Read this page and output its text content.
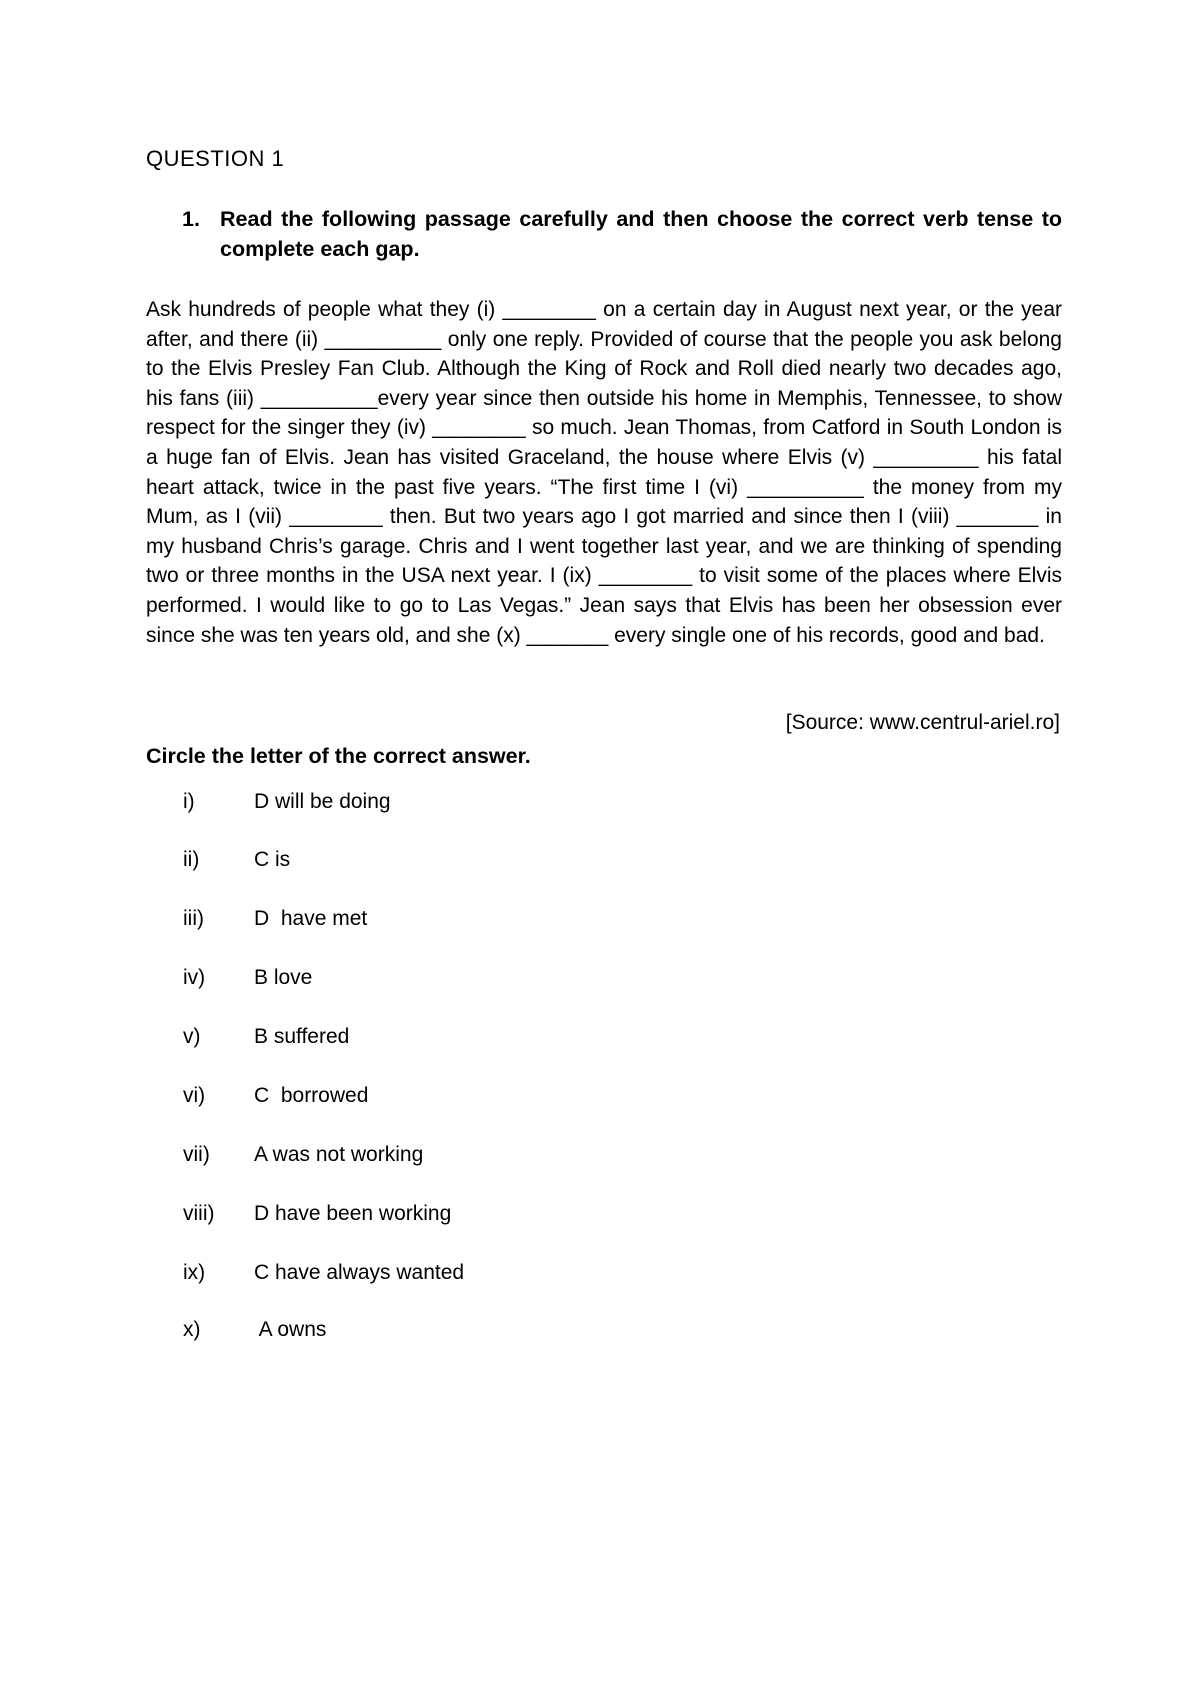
QUESTION 1
1. Read the following passage carefully and then choose the correct verb tense to complete each gap.

Ask hundreds of people what they (i) ________ on a certain day in August next year, or the year after, and there (ii) __________ only one reply. Provided of course that the people you ask belong to the Elvis Presley Fan Club. Although the King of Rock and Roll died nearly two decades ago, his fans (iii) __________every year since then outside his home in Memphis, Tennessee, to show respect for the singer they (iv) ________ so much. Jean Thomas, from Catford in South London is a huge fan of Elvis. Jean has visited Graceland, the house where Elvis (v) _________ his fatal heart attack, twice in the past five years. “The first time I (vi) __________ the money from my Mum, as I (vii) ________ then. But two years ago I got married and since then I (viii) _______ in my husband Chris’s garage. Chris and I went together last year, and we are thinking of spending two or three months in the USA next year. I (ix) ________ to visit some of the places where Elvis performed. I would like to go to Las Vegas.” Jean says that Elvis has been her obsession ever since she was ten years old, and she (x) _______ every single one of his records, good and bad.

[Source: www.centrul-ariel.ro]
Circle the letter of the correct answer.
i)	D will be doing
ii)	C is
iii) D  have met
iv) B love
v)	B suffered
vi) C  borrowed
vii) A was not working
viii) D have been working
ix) C have always wanted
x)	A owns
